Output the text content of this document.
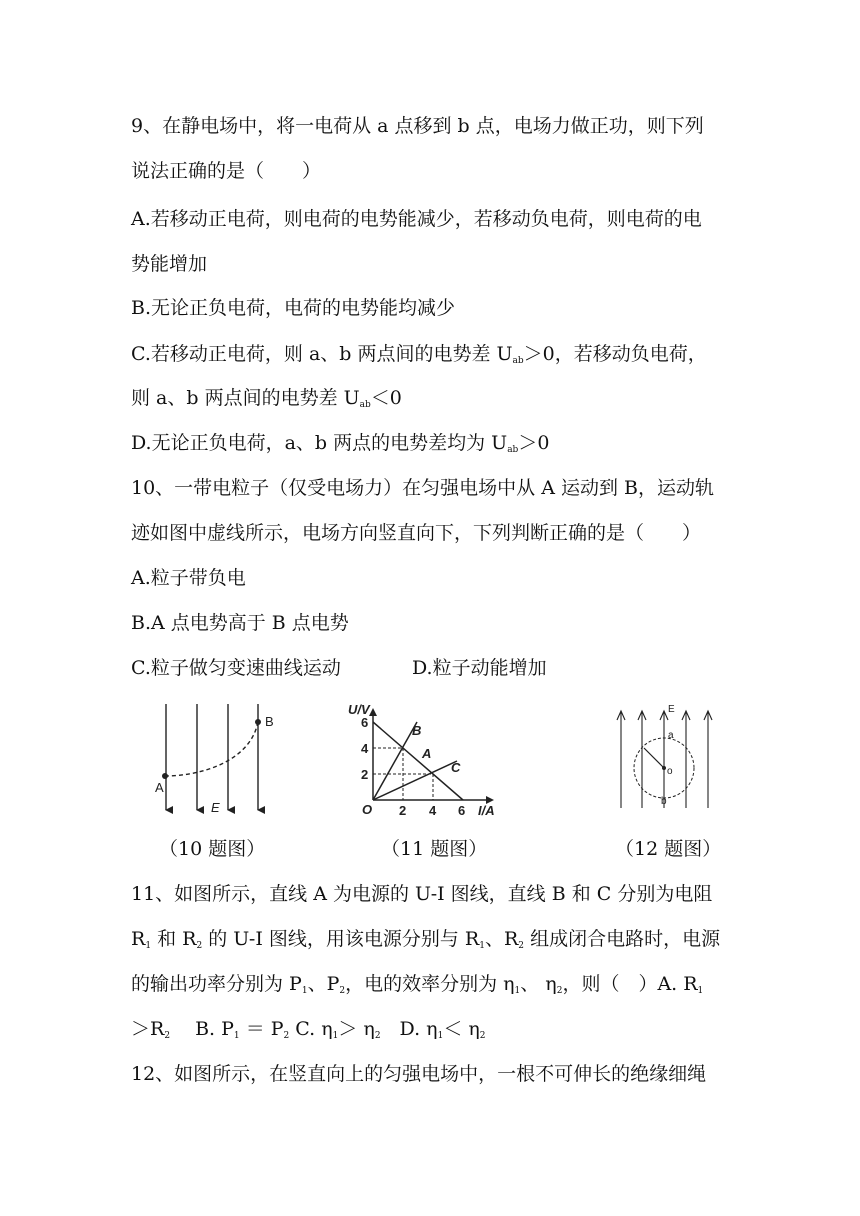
9、在静电场中，将一电荷从 a 点移到 b 点，电场力做正功，则下列
说法正确的是（　　）
A.若移动正电荷，则电荷的电势能减少，若移动负电荷，则电荷的电
势能增加
B.无论正负电荷，电荷的电势能均减少
C.若移动正电荷，则 a、b 两点间的电势差 $U_{ab}>0$，若移动负电荷，
则 a、b 两点间的电势差 $U_{ab}<0$
D.无论正负电荷，a、b 两点的电势差均为 $U_{ab}>0$
10、一带电粒子（仅受电场力）在匀强电场中从 A 运动到 B，运动轨
迹如图中虚线所示，电场方向竖直向下，下列判断正确的是（　　）
A.粒子带负电
B.A 点电势高于 B 点电势
C.粒子做匀变速曲线运动	D.粒子动能增加
A
B
E
（10 题图）
U/V
I/A
O
6
4
2
2 4 6
A
B
C
（11 题图）
E
a
o
b
（12 题图）
11、如图所示，直线 A 为电源的 U-I 图线，直线 B 和 C 分别为电阻
$R_1$ 和 $R_2$ 的 U-I 图线，用该电源分别与 $R_1$、$R_2$ 组成闭合电路时，电源
的输出功率分别为 $P_1$、$P_2$，电的效率分别为 $\eta_1$、 $\eta_2$，则（　）A. $R_1$
$>R_2$　 B. $P_1 = P_2$ C. $\eta_1> \eta_2$　D. $\eta_1< \eta_2$
12、如图所示，在竖直向上的匀强电场中，一根不可伸长的绝缘细绳
